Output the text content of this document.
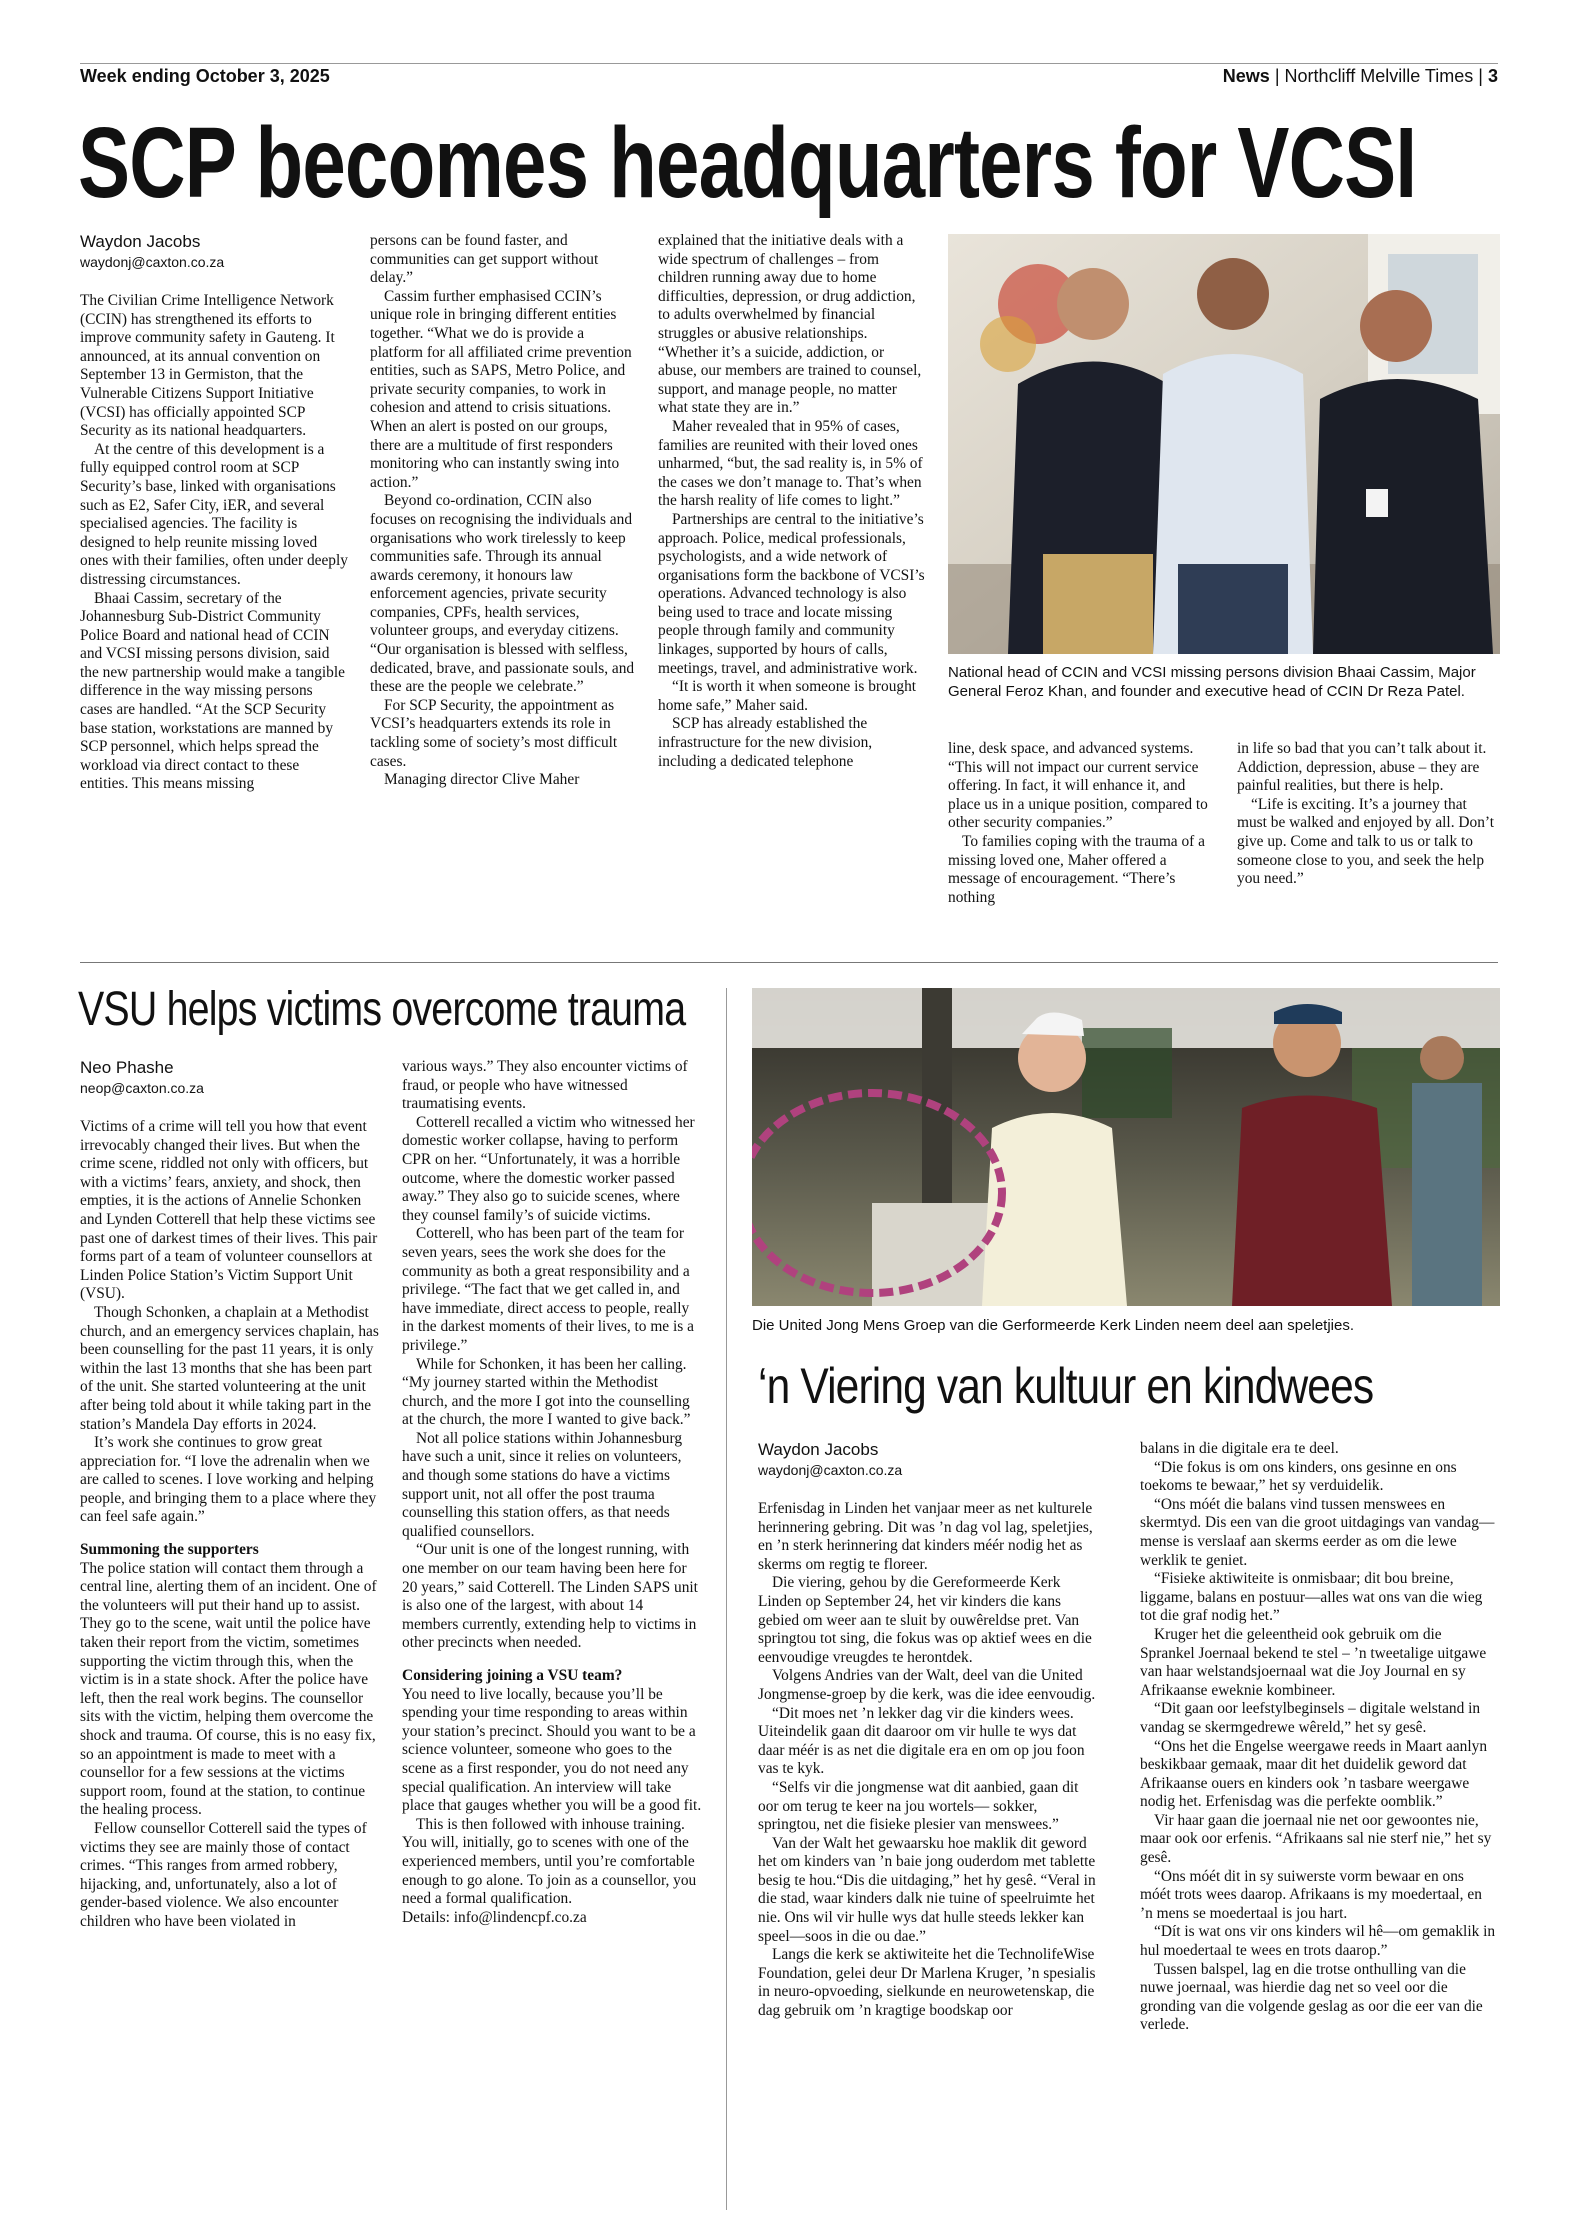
Week ending October 3, 2025	News | Northcliff Melville Times | 3
SCP becomes headquarters for VCSI
Waydon Jacobs
waydonj@caxton.co.za

The Civilian Crime Intelligence Network (CCIN) has strengthened its efforts to improve community safety in Gauteng. It announced, at its annual convention on September 13 in Germiston, that the Vulnerable Citizens Support Initiative (VCSI) has officially appointed SCP Security as its national headquarters.

At the centre of this development is a fully equipped control room at SCP Security’s base, linked with organisations such as E2, Safer City, iER, and several specialised agencies. The facility is designed to help reunite missing loved ones with their families, often under deeply distressing circumstances.

Bhaai Cassim, secretary of the Johannesburg Sub-District Community Police Board and national head of CCIN and VCSI missing persons division, said the new partnership would make a tangible difference in the way missing persons cases are handled. “At the SCP Security base station, workstations are manned by SCP personnel, which helps spread the workload via direct contact to these entities. This means missing

persons can be found faster, and communities can get support without delay.”

Cassim further emphasised CCIN’s unique role in bringing different entities together. “What we do is provide a platform for all affiliated crime prevention entities, such as SAPS, Metro Police, and private security companies, to work in cohesion and attend to crisis situations. When an alert is posted on our groups, there are a multitude of first responders monitoring who can instantly swing into action.”

Beyond co-ordination, CCIN also focuses on recognising the individuals and organisations who work tirelessly to keep communities safe. Through its annual awards ceremony, it honours law enforcement agencies, private security companies, CPFs, health services, volunteer groups, and everyday citizens. “Our organisation is blessed with selfless, dedicated, brave, and passionate souls, and these are the people we celebrate.”

For SCP Security, the appointment as VCSI’s headquarters extends its role in tackling some of society’s most difficult cases.

Managing director Clive Maher

explained that the initiative deals with a wide spectrum of challenges – from children running away due to home difficulties, depression, or drug addiction, to adults overwhelmed by financial struggles or abusive relationships. “Whether it’s a suicide, addiction, or abuse, our members are trained to counsel, support, and manage people, no matter what state they are in.”

Maher revealed that in 95% of cases, families are reunited with their loved ones unharmed, “but, the sad reality is, in 5% of the cases we don’t manage to. That’s when the harsh reality of life comes to light.”

Partnerships are central to the initiative’s approach. Police, medical professionals, psychologists, and a wide network of organisations form the backbone of VCSI’s operations. Advanced technology is also being used to trace and locate missing people through family and community linkages, supported by hours of calls, meetings, travel, and administrative work.

“It is worth it when someone is brought home safe,” Maher said.

SCP has already established the infrastructure for the new division, including a dedicated telephone

National head of CCIN and VCSI missing persons division Bhaai Cassim, Major General Feroz Khan, and founder and executive head of CCIN Dr Reza Patel.

line, desk space, and advanced systems. “This will not impact our current service offering. In fact, it will enhance it, and place us in a unique position, compared to other security companies.”

To families coping with the trauma of a missing loved one, Maher offered a message of encouragement. “There’s nothing

in life so bad that you can’t talk about it. Addiction, depression, abuse – they are painful realities, but there is help.

“Life is exciting. It’s a journey that must be walked and enjoyed by all. Don’t give up. Come and talk to us or talk to someone close to you, and seek the help you need.”

VSU helps victims overcome trauma
Neo Phashe
neop@caxton.co.za

Victims of a crime will tell you how that event irrevocably changed their lives. But when the crime scene, riddled not only with officers, but with a victims’ fears, anxiety, and shock, then empties, it is the actions of Annelie Schonken and Lynden Cotterell that help these victims see past one of darkest times of their lives. This pair forms part of a team of volunteer counsellors at Linden Police Station’s Victim Support Unit (VSU).

Though Schonken, a chaplain at a Methodist church, and an emergency services chaplain, has been counselling for the past 11 years, it is only within the last 13 months that she has been part of the unit. She started volunteering at the unit after being told about it while taking part in the station’s Mandela Day efforts in 2024.

It’s work she continues to grow great appreciation for. “I love the adrenalin when we are called to scenes. I love working and helping people, and bringing them to a place where they can feel safe again.”

Summoning the supporters

The police station will contact them through a central line, alerting them of an incident. One of the volunteers will put their hand up to assist. They go to the scene, wait until the police have taken their report from the victim, sometimes supporting the victim through this, when the victim is in a state shock. After the police have left, then the real work begins. The counsellor sits with the victim, helping them overcome the shock and trauma. Of course, this is no easy fix, so an appointment is made to meet with a counsellor for a few sessions at the victims support room, found at the station, to continue the healing process.

Fellow counsellor Cotterell said the types of victims they see are mainly those of contact crimes. “This ranges from armed robbery, hijacking, and, unfortunately, also a lot of gender-based violence. We also encounter children who have been violated in

various ways.” They also encounter victims of fraud, or people who have witnessed traumatising events.

Cotterell recalled a victim who witnessed her domestic worker collapse, having to perform CPR on her. “Unfortunately, it was a horrible outcome, where the domestic worker passed away.” They also go to suicide scenes, where they counsel family’s of suicide victims.

Cotterell, who has been part of the team for seven years, sees the work she does for the community as both a great responsibility and a privilege. “The fact that we get called in, and have immediate, direct access to people, really in the darkest moments of their lives, to me is a privilege.”

While for Schonken, it has been her calling. “My journey started within the Methodist church, and the more I got into the counselling at the church, the more I wanted to give back.”

Not all police stations within Johannesburg have such a unit, since it relies on volunteers, and though some stations do have a victims support unit, not all offer the post trauma counselling this station offers, as that needs qualified counsellors.

“Our unit is one of the longest running, with one member on our team having been here for 20 years,” said Cotterell. The Linden SAPS unit is also one of the largest, with about 14 members currently, extending help to victims in other precincts when needed.

Considering joining a VSU team?

You need to live locally, because you’ll be spending your time responding to areas within your station’s precinct. Should you want to be a science volunteer, someone who goes to the scene as a first responder, you do not need any special qualification. An interview will take place that gauges whether you will be a good fit.

This is then followed with inhouse training. You will, initially, go to scenes with one of the experienced members, until you’re comfortable enough to go alone. To join as a counsellor, you need a formal qualification.

Details: info@lindencpf.co.za

Die United Jong Mens Groep van die Gerformeerde Kerk Linden neem deel aan speletjies.
‘n Viering van kultuur en kindwees
Waydon Jacobs
waydonj@caxton.co.za

Erfenisdag in Linden het vanjaar meer as net kulturele herinnering gebring. Dit was ’n dag vol lag, speletjies, en ’n sterk herinnering dat kinders méér nodig het as skerms om regtig te floreer.

Die viering, gehou by die Gereformeerde Kerk Linden op September 24, het vir kinders die kans gebied om weer aan te sluit by ouwêreldse pret. Van springtou tot sing, die fokus was op aktief wees en die eenvoudige vreugdes te herontdek.

Volgens Andries van der Walt, deel van die United Jongmense-groep by die kerk, was die idee eenvoudig.

“Dit moes net ’n lekker dag vir die kinders wees. Uiteindelik gaan dit daaroor om vir hulle te wys dat daar méér is as net die digitale era en om op jou foon vas te kyk.

“Selfs vir die jongmense wat dit aanbied, gaan dit oor om terug te keer na jou wortels— sokker, springtou, net die fisieke plesier van menswees.”

Van der Walt het gewaarsku hoe maklik dit geword het om kinders van ’n baie jong ouderdom met tablette besig te hou.“Dis die uitdaging,” het hy gesê. “Veral in die stad, waar kinders dalk nie tuine of speelruimte het nie. Ons wil vir hulle wys dat hulle steeds lekker kan speel—soos in die ou dae.”

Langs die kerk se aktiwiteite het die TechnolifeWise Foundation, gelei deur Dr Marlena Kruger, ’n spesialis in neuro-opvoeding, sielkunde en neurowetenskap, die dag gebruik om ’n kragtige boodskap oor

balans in die digitale era te deel.

“Die fokus is om ons kinders, ons gesinne en ons toekoms te bewaar,” het sy verduidelik.

“Ons móét die balans vind tussen menswees en skermtyd. Dis een van die groot uitdagings van vandag—mense is verslaaf aan skerms eerder as om die lewe werklik te geniet.

“Fisieke aktiwiteite is onmisbaar; dit bou breine, liggame, balans en postuur—alles wat ons van die wieg tot die graf nodig het.”

Kruger het die geleentheid ook gebruik om die Sprankel Joernaal bekend te stel – ’n tweetalige uitgawe van haar welstandsjoernaal wat die Joy Journal en sy Afrikaanse eweknie kombineer.

“Dit gaan oor leefstylbeginsels – digitale welstand in vandag se skermgedrewe wêreld,” het sy gesê.

“Ons het die Engelse weergawe reeds in Maart aanlyn beskikbaar gemaak, maar dit het duidelik geword dat Afrikaanse ouers en kinders ook ’n tasbare weergawe nodig het. Erfenisdag was die perfekte oomblik.”

Vir haar gaan die joernaal nie net oor gewoontes nie, maar ook oor erfenis. “Afrikaans sal nie sterf nie,” het sy gesê.

“Ons móét dit in sy suiwerste vorm bewaar en ons móét trots wees daarop. Afrikaans is my moedertaal, en ’n mens se moedertaal is jou hart.

“Dít is wat ons vir ons kinders wil hê—om gemaklik in hul moedertaal te wees en trots daarop.”

Tussen balspel, lag en die trotse onthulling van die nuwe joernaal, was hierdie dag net so veel oor die gronding van die volgende geslag as oor die eer van die verlede.
